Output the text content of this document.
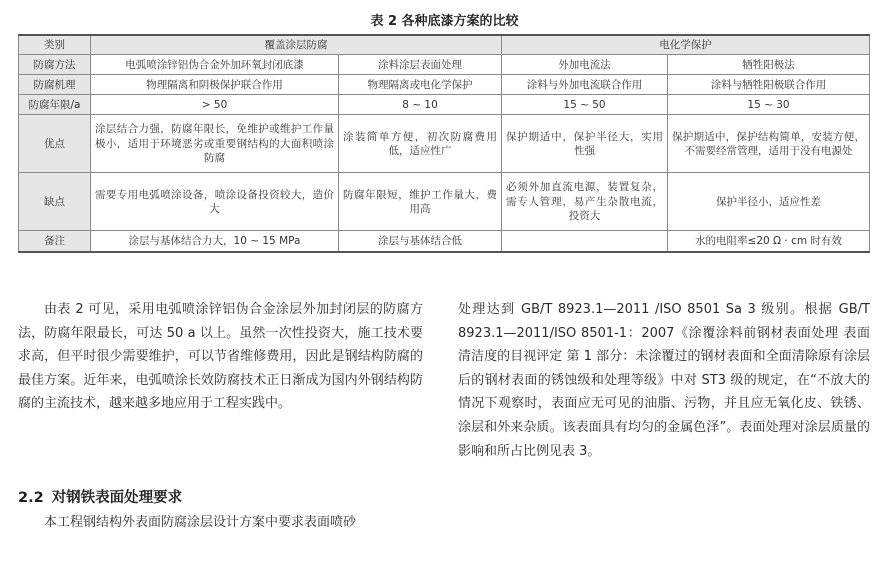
表 2 各种底漆方案的比较
类别	覆盖涂层防腐		电化学保护	
防腐方法	电弧喷涂锌铝伪合金外加环氧封闭底漆	涂料涂层表面处理	外加电流法	牺牲阳极法
防腐机理	物理隔离和阴极保护联合作用	物理隔离或电化学保护	涂料与外加电流联合作用	涂料与牺牲阳极联合作用
防腐年限/a	> 50	8 ~ 10	15 ~ 50	15 ~ 30
优点	涂层结合力强，防腐年限长，免维护或维护工作量极小，适用于环境恶劣或重要钢结构的大面积喷涂防腐	涂装简单方便，初次防腐费用低，适应性广	保护期适中，保护半径大，实用性强	保护期适中，保护结构简单，安装方便，不需要经常管理，适用于没有电源处
缺点	需要专用电弧喷涂设备，喷涂设备投资较大，造价大	防腐年限短，维护工作量大，费用高	必须外加直流电源，装置复杂，需专人管理，易产生杂散电流，投资大	保护半径小，适应性差
备注	涂层与基体结合力大，10 ~ 15 MPa	涂层与基体结合低		水的电阻率≤20 Ω · cm 时有效

由表 2 可见，采用电弧喷涂锌铝伪合金涂层外加封闭层的防腐方法，防腐年限最长，可达 50 a 以上。虽然一次性投资大，施工技术要求高，但平时很少需要维护，可以节省维修费用，因此是钢结构防腐的最佳方案。近年来，电弧喷涂长效防腐技术正日渐成为国内外钢结构防腐的主流技术，越来越多地应用于工程实践中。

2.2 对钢铁表面处理要求
本工程钢结构外表面防腐涂层设计方案中要求表面喷砂

处理达到 GB/T 8923.1—2011 /ISO 8501 Sa 3 级别。根据 GB/T 8923.1—2011/ISO 8501-1：2007《涂覆涂料前钢材表面处理 表面清洁度的目视评定 第 1 部分：未涂覆过的钢材表面和全面清除原有涂层后的钢材表面的锈蚀级和处理等级》中对 ST3 级的规定，在“不放大的情况下观察时，表面应无可见的油脂、污物，并且应无氧化皮、铁锈、涂层和外来杂质。该表面具有均匀的金属色泽”。表面处理对涂层质量的影响和所占比例见表 3。
